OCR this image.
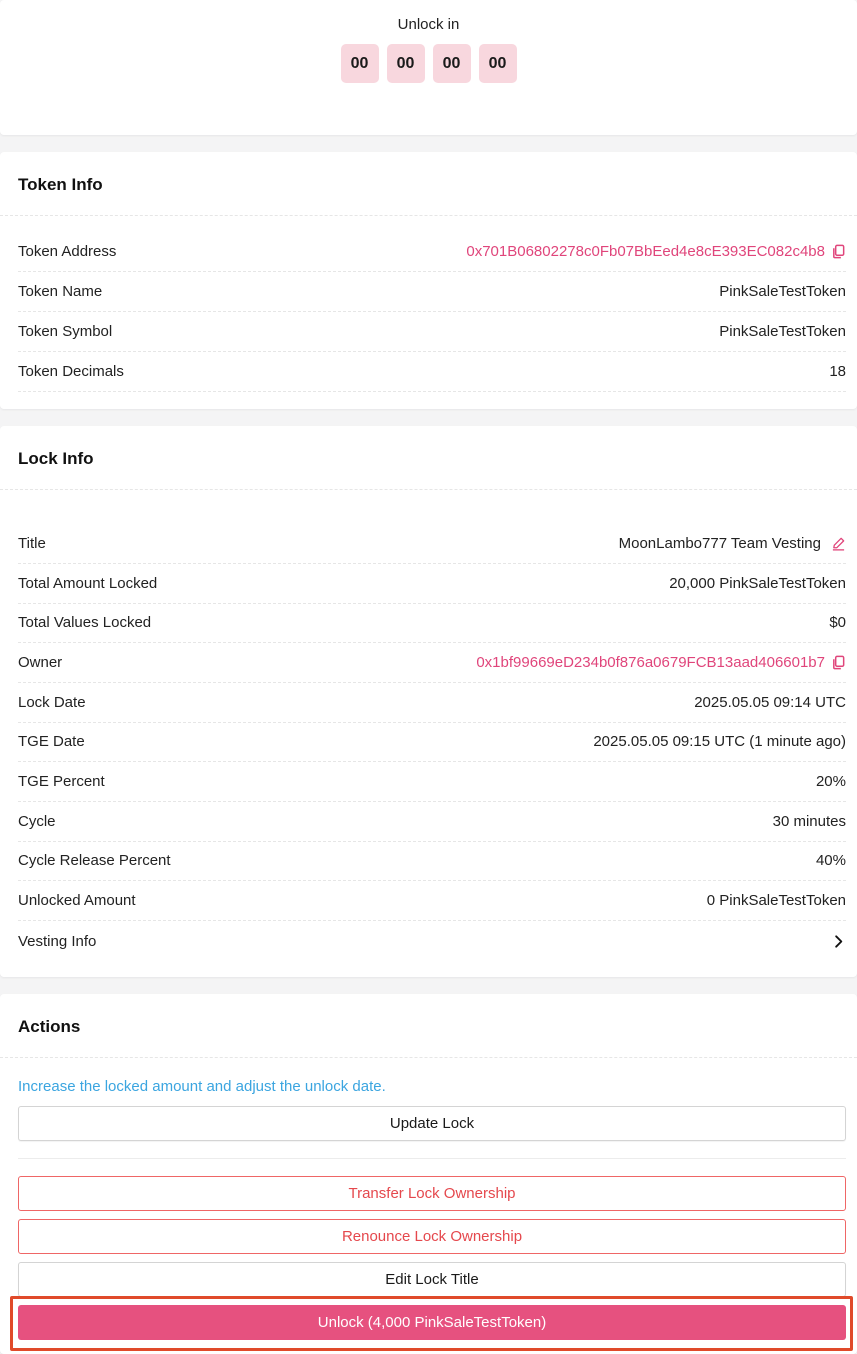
Unlock in
00	00	00	00
Token Info
Token Address	0x701B06802278c0Fb07BbEed4e8cE393EC082c4b8
Token Name	PinkSaleTestToken
Token Symbol	PinkSaleTestToken
Token Decimals	18
Lock Info
Title	MoonLambo777 Team Vesting
Total Amount Locked	20,000 PinkSaleTestToken
Total Values Locked	$0
Owner	0x1bf99669eD234b0f876a0679FCB13aad406601b7
Lock Date	2025.05.05 09:14 UTC
TGE Date	2025.05.05 09:15 UTC (1 minute ago)
TGE Percent	20%
Cycle	30 minutes
Cycle Release Percent	40%
Unlocked Amount	0 PinkSaleTestToken
Vesting Info
Actions
Increase the locked amount and adjust the unlock date.
Update Lock
Transfer Lock Ownership
Renounce Lock Ownership
Edit Lock Title
Unlock (4,000 PinkSaleTestToken)
